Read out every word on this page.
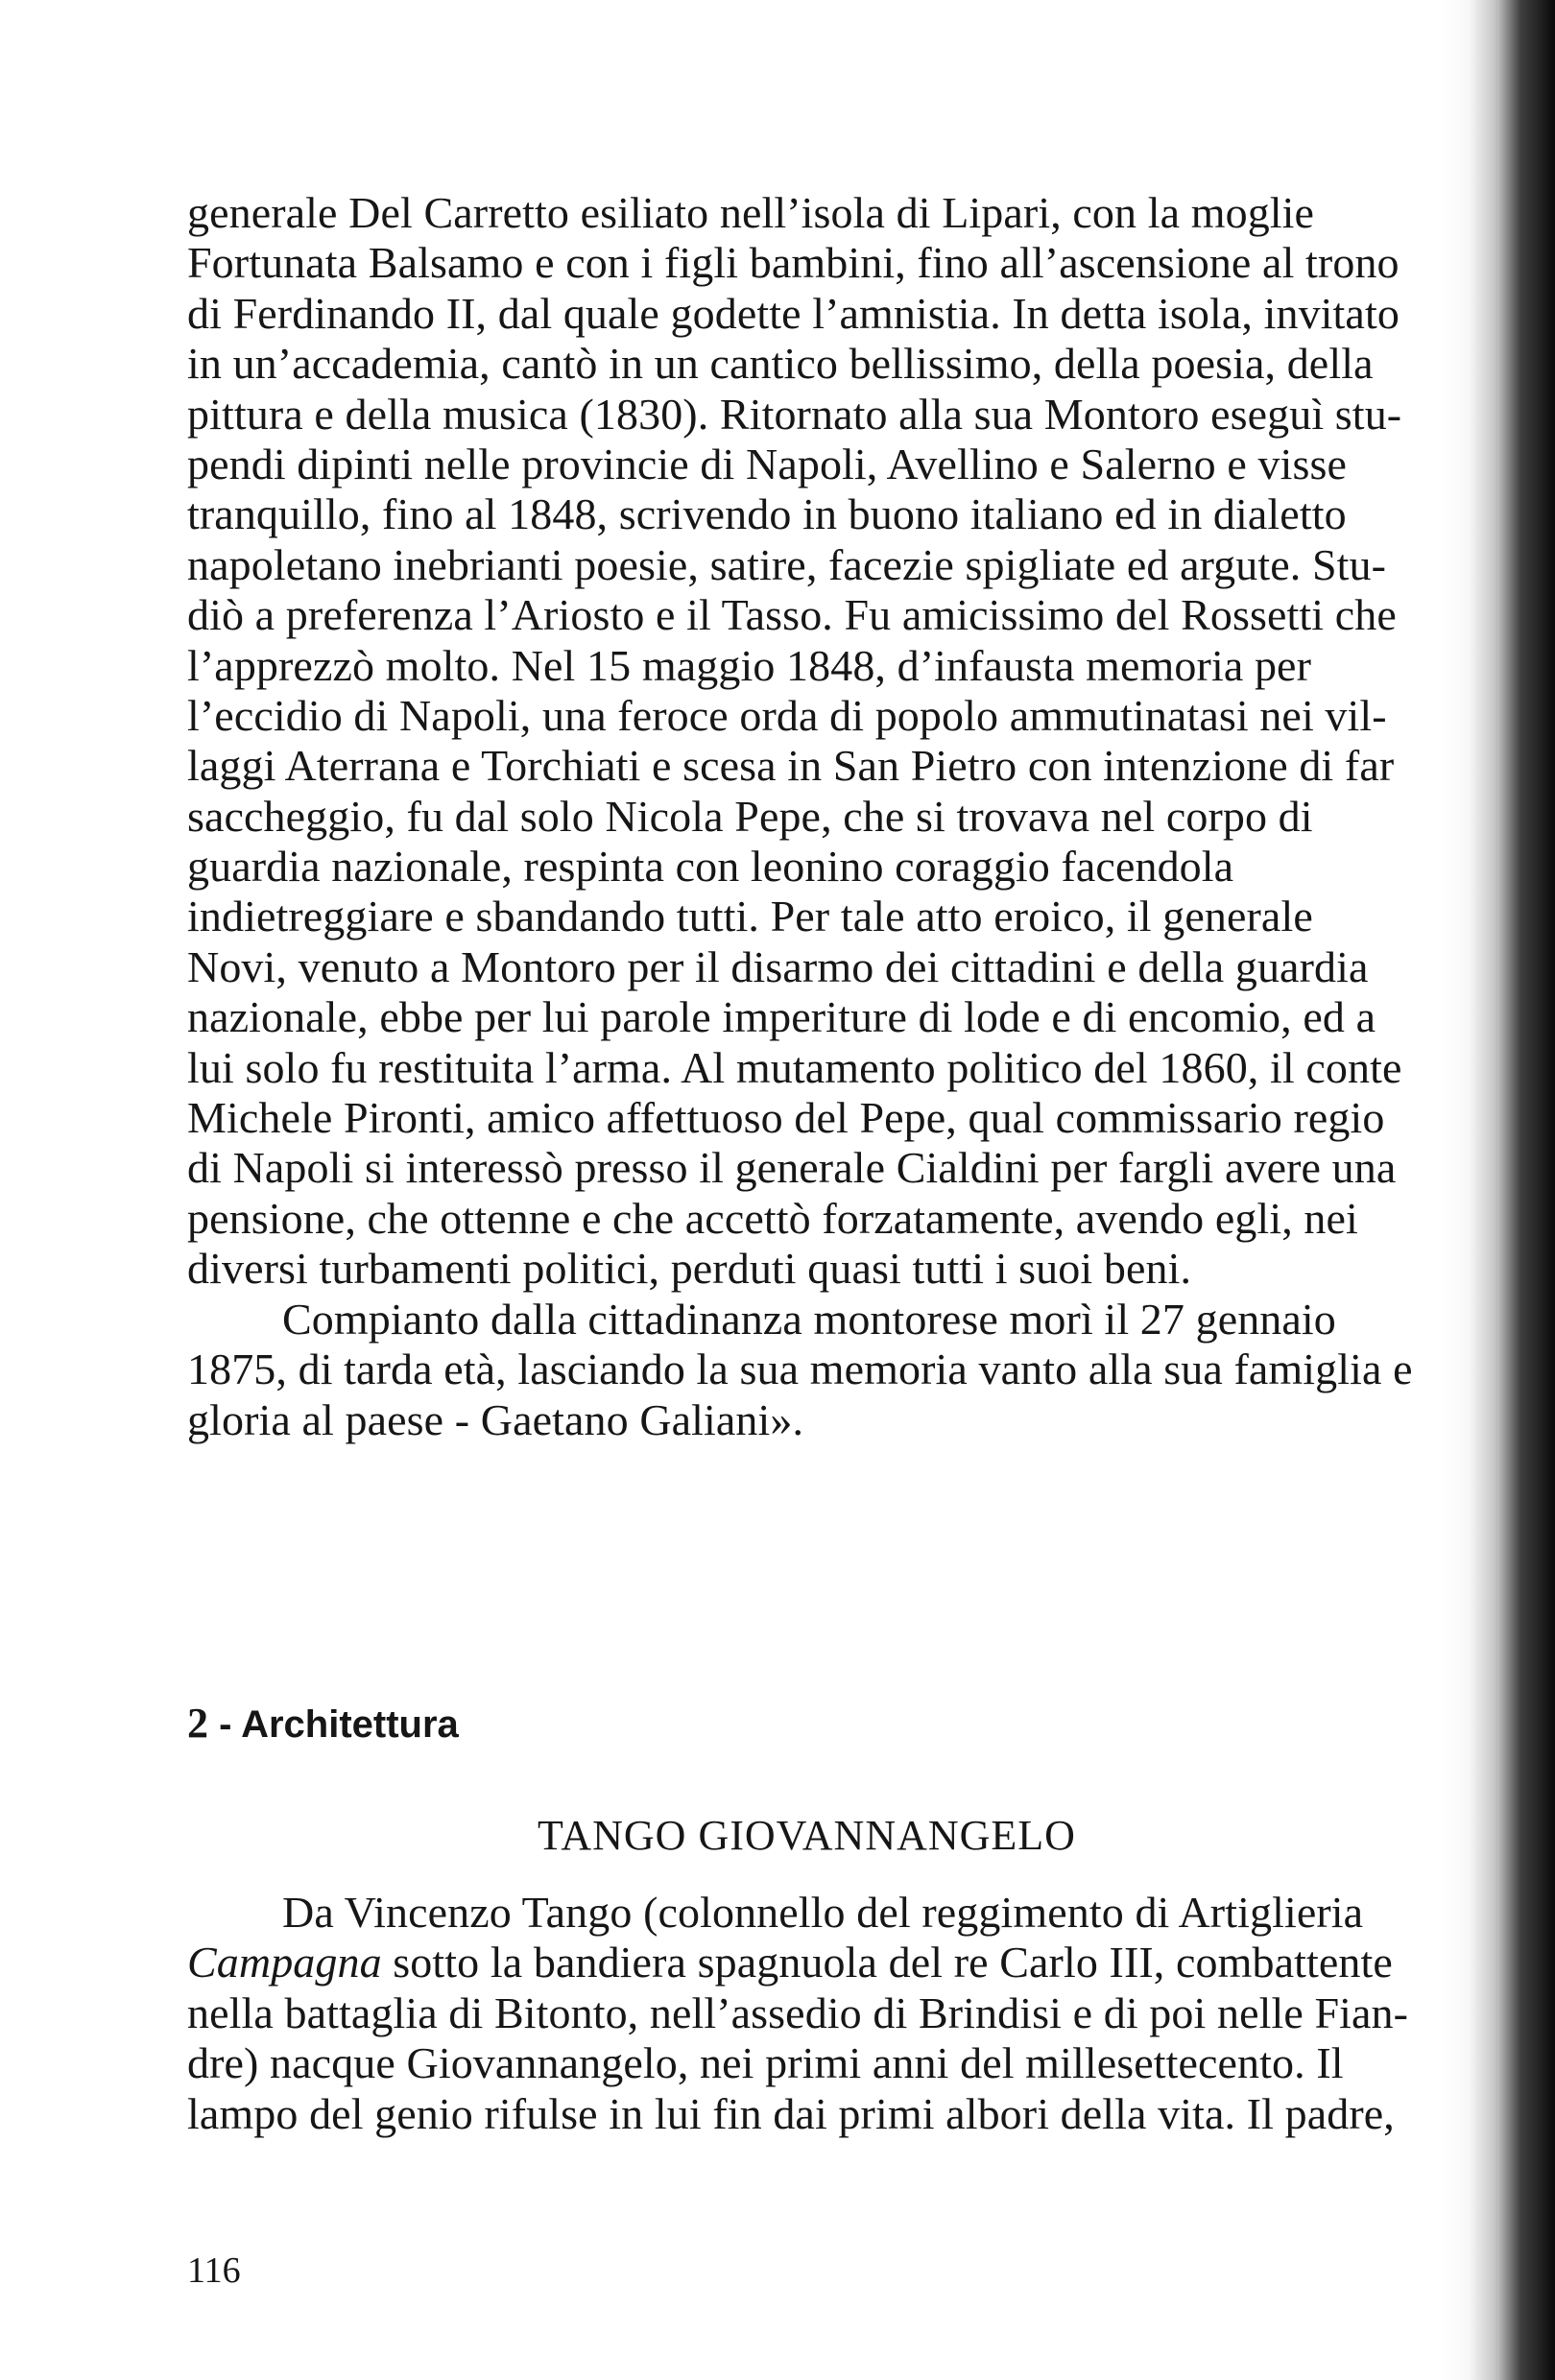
generale Del Carretto esiliato nell’isola di Lipari, con la moglie
Fortunata Balsamo e con i figli bambini, fino all’ascensione al trono
di Ferdinando II, dal quale godette l’amnistia. In detta isola, invitato
in un’accademia, cantò in un cantico bellissimo, della poesia, della
pittura e della musica (1830). Ritornato alla sua Montoro eseguì stu-
pendi dipinti nelle provincie di Napoli, Avellino e Salerno e visse
tranquillo, fino al 1848, scrivendo in buono italiano ed in dialetto
napoletano inebrianti poesie, satire, facezie spigliate ed argute. Stu-
diò a preferenza l’Ariosto e il Tasso. Fu amicissimo del Rossetti che
l’apprezzò molto. Nel 15 maggio 1848, d’infausta memoria per
l’eccidio di Napoli, una feroce orda di popolo ammutinatasi nei vil-
laggi Aterrana e Torchiati e scesa in San Pietro con intenzione di far
saccheggio, fu dal solo Nicola Pepe, che si trovava nel corpo di
guardia nazionale, respinta con leonino coraggio facendola
indietreggiare e sbandando tutti. Per tale atto eroico, il generale
Novi, venuto a Montoro per il disarmo dei cittadini e della guardia
nazionale, ebbe per lui parole imperiture di lode e di encomio, ed a
lui solo fu restituita l’arma. Al mutamento politico del 1860, il conte
Michele Pironti, amico affettuoso del Pepe, qual commissario regio
di Napoli si interessò presso il generale Cialdini per fargli avere una
pensione, che ottenne e che accettò forzatamente, avendo egli, nei
diversi turbamenti politici, perduti quasi tutti i suoi beni.
Compianto dalla cittadinanza montorese morì il 27 gennaio
1875, di tarda età, lasciando la sua memoria vanto alla sua famiglia e
gloria al paese - Gaetano Galiani».
2 - Architettura
TANGO GIOVANNANGELO
Da Vincenzo Tango (colonnello del reggimento di Artiglieria
Campagna sotto la bandiera spagnuola del re Carlo III, combattente
nella battaglia di Bitonto, nell’assedio di Brindisi e di poi nelle Fian-
dre) nacque Giovannangelo, nei primi anni del millesettecento. Il
lampo del genio rifulse in lui fin dai primi albori della vita. Il padre,
116
